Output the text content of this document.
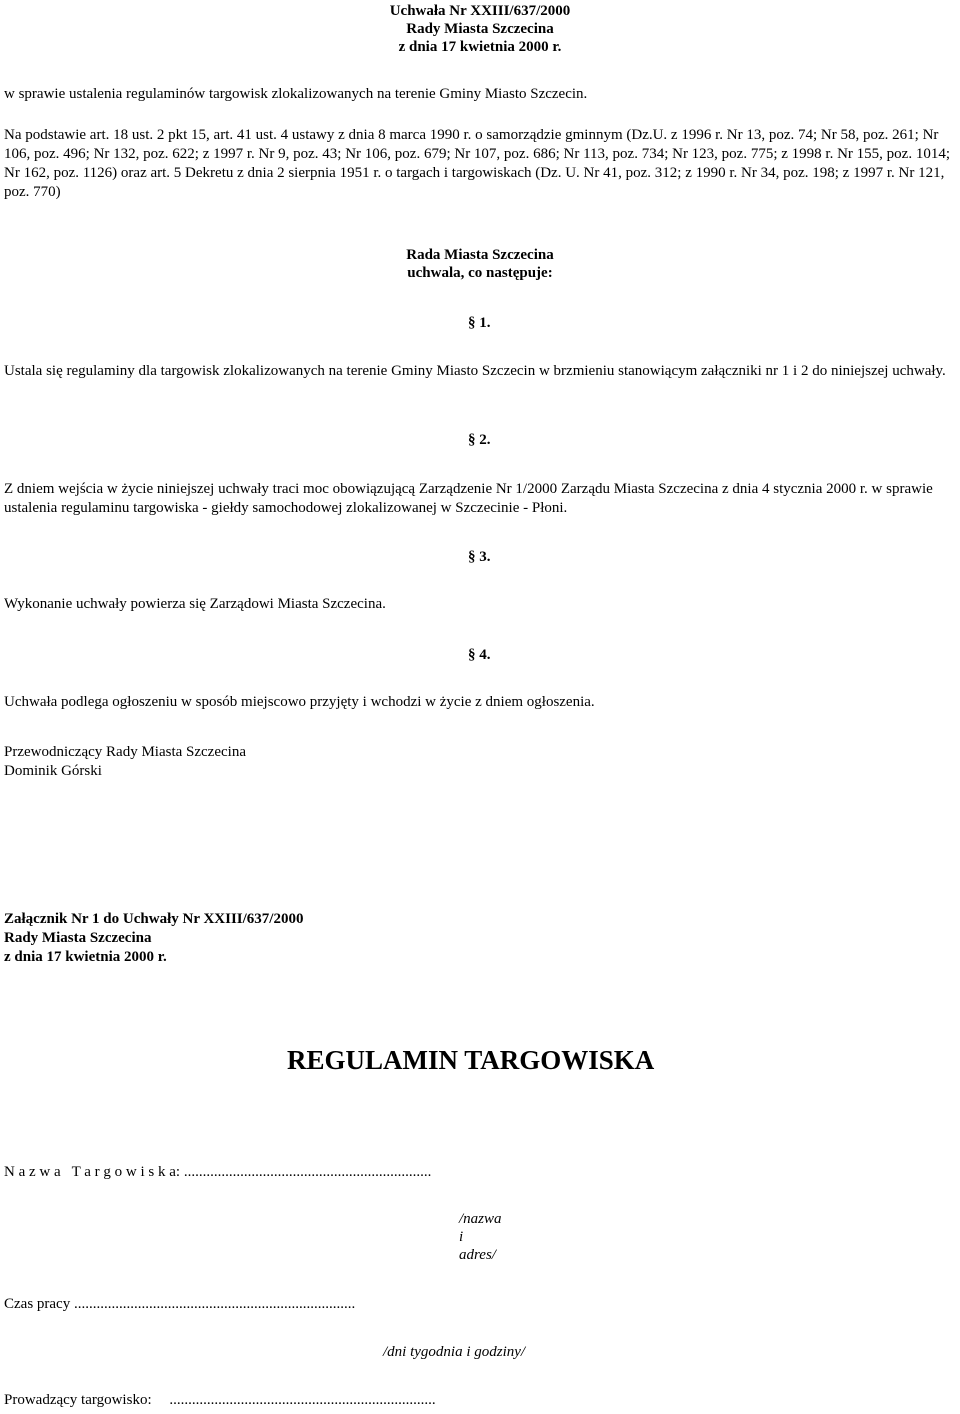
Uchwała Nr XXIII/637/2000
Rady Miasta Szczecina
z dnia 17 kwietnia 2000 r.
w sprawie ustalenia regulaminów targowisk zlokalizowanych na terenie Gminy Miasto Szczecin.
Na podstawie art. 18 ust. 2 pkt 15, art. 41 ust. 4 ustawy z dnia 8 marca 1990 r. o samorządzie gminnym (Dz.U. z 1996 r. Nr 13, poz. 74; Nr 58, poz. 261; Nr 106, poz. 496; Nr 132, poz. 622; z 1997 r. Nr 9, poz. 43; Nr 106, poz. 679; Nr 107, poz. 686; Nr 113, poz. 734; Nr 123, poz. 775; z 1998 r. Nr 155, poz. 1014; Nr 162, poz. 1126) oraz art. 5 Dekretu z dnia 2 sierpnia 1951 r. o targach i targowiskach (Dz. U. Nr 41, poz. 312; z 1990 r. Nr 34, poz. 198; z 1997 r. Nr 121, poz. 770)
Rada Miasta Szczecina
uchwala, co następuje:
§ 1.
Ustala się regulaminy dla targowisk zlokalizowanych na terenie Gminy Miasto Szczecin w brzmieniu stanowiącym załączniki nr 1 i 2 do niniejszej uchwały.
§ 2.
Z dniem wejścia w życie niniejszej uchwały traci moc obowiązującą Zarządzenie Nr 1/2000 Zarządu Miasta Szczecina z dnia 4 stycznia 2000 r. w sprawie ustalenia regulaminu targowiska - giełdy samochodowej zlokalizowanej w Szczecinie - Płoni.
§ 3.
Wykonanie uchwały powierza się Zarządowi Miasta Szczecina.
§ 4.
Uchwała podlega ogłoszeniu w sposób miejscowo przyjęty i wchodzi w życie z dniem ogłoszenia.
Przewodniczący Rady Miasta Szczecina
Dominik Górski
Załącznik Nr 1 do Uchwały Nr XXIII/637/2000
Rady Miasta Szczecina
z dnia 17 kwietnia 2000 r.
REGULAMIN TARGOWISKA
N a z w a   T a r g o w i s k a: ..................................................................
/nazwa
i
adres/
Czas pracy ...........................................................................
/dni tygodnia i godziny/
Prowadzący targowisko: .......................................................................
